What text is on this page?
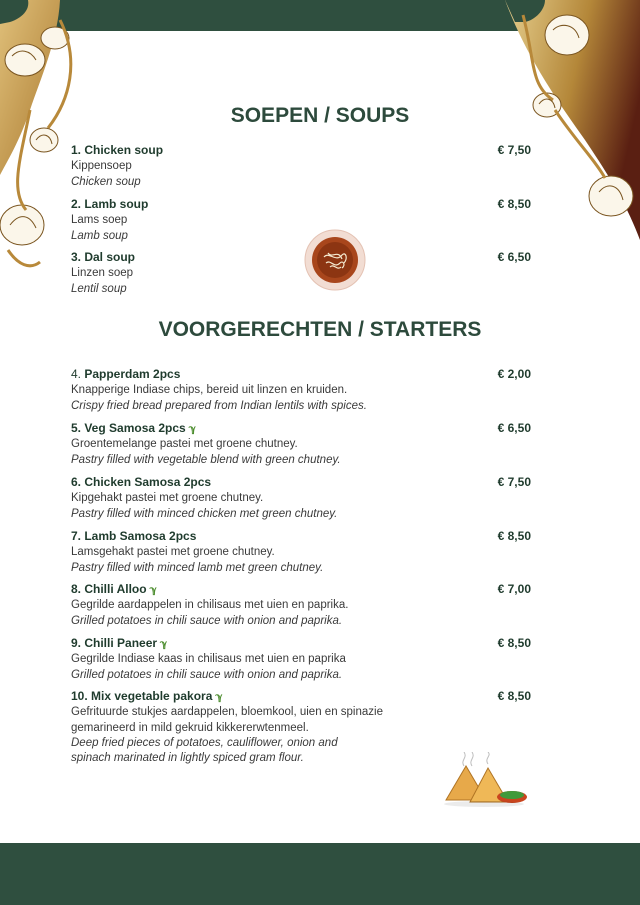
SOEPEN / SOUPS
1. Chicken soup	€ 7,50
Kippensoep
Chicken soup
2. Lamb soup	€ 8,50
Lams soep
Lamb soup
3. Dal soup	€ 6,50
Linzen soep
Lentil soup
VOORGERECHTEN / STARTERS
4. Papperdam 2pcs	€ 2,00
Knapperige Indiase chips, bereid uit linzen en kruiden.
Crispy fried bread prepared from Indian lentils with spices.
5. Veg Samosa 2pcs ℽ	€ 6,50
Groentemelange pastei met groene chutney.
Pastry filled with vegetable blend with green chutney.
6. Chicken Samosa 2pcs	€ 7,50
Kipgehakt pastei met groene chutney.
Pastry filled with minced chicken met green chutney.
7. Lamb Samosa 2pcs	€ 8,50
Lamsgehakt pastei met groene chutney.
Pastry filled with minced lamb met green chutney.
8. Chilli Alloo ℽ	€ 7,00
Gegrilde aardappelen in chilisaus met uien en paprika.
Grilled potatoes in chili sauce with onion and paprika.
9. Chilli Paneer ℽ	€ 8,50
Gegrilde Indiase kaas in chilisaus met uien en paprika
Grilled potatoes in chili sauce with onion and paprika.
10. Mix vegetable pakora ℽ	€ 8,50
Gefrituurde stukjes aardappelen, bloemkool, uien en spinazie
gemarineerd in mild gekruid kikkererwtenmeel.
Deep fried pieces of potatoes, cauliflower, onion and
spinach marinated in lightly spiced gram flour.
